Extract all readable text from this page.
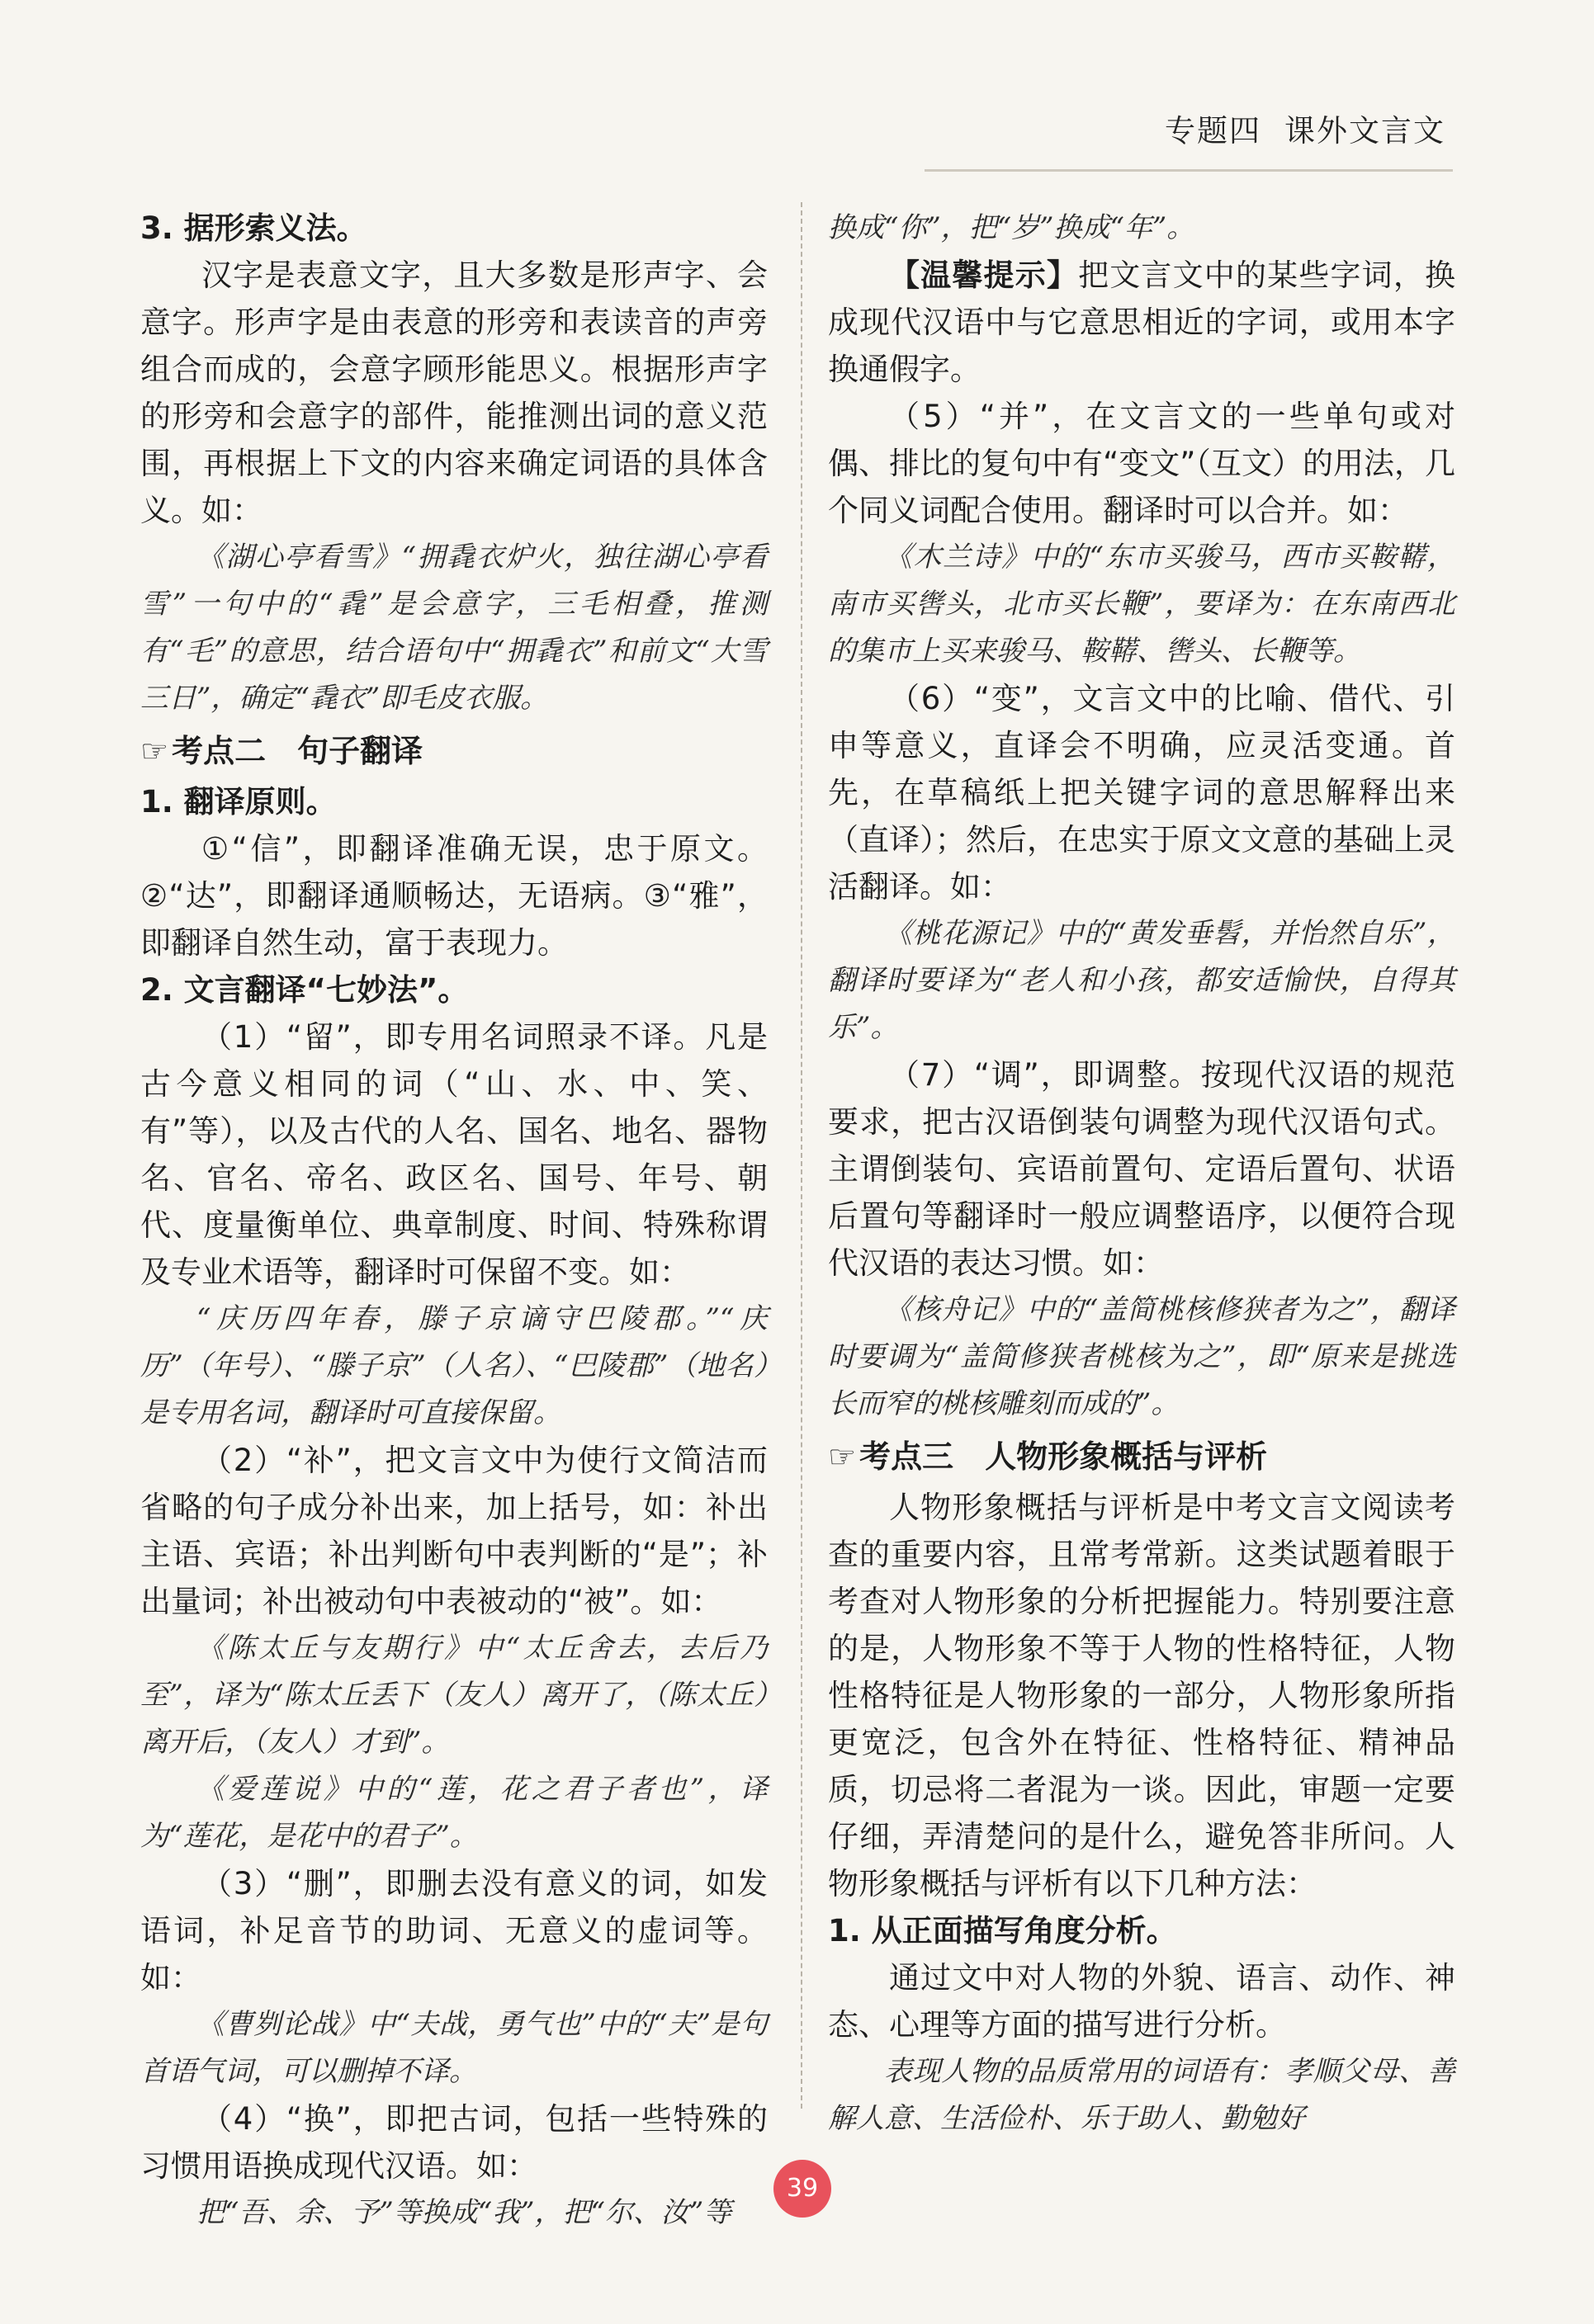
专题四 课外文言文

3. 据形索义法。

汉字是表意文字，且大多数是形声字、会意字。形声字是由表意的形旁和表读音的声旁组合而成的，会意字顾形能思义。根据形声字的形旁和会意字的部件，能推测出词的意义范围，再根据上下文的内容来确定词语的具体含义。如：

《湖心亭看雪》“拥毳衣炉火，独往湖心亭看雪”一句中的“毳”是会意字，三毛相叠，推测有“毛”的意思，结合语句中“拥毳衣”和前文“大雪三日”，确定“毳衣”即毛皮衣服。

☞ 考点二　句子翻译

1. 翻译原则。

①“信”，即翻译准确无误，忠于原文。②“达”，即翻译通顺畅达，无语病。③“雅”，即翻译自然生动，富于表现力。

2. 文言翻译“七妙法”。

（1）“留”，即专用名词照录不译。凡是古今意义相同的词（“山、水、中、笑、有”等），以及古代的人名、国名、地名、器物名、官名、帝名、政区名、国号、年号、朝代、度量衡单位、典章制度、时间、特殊称谓及专业术语等，翻译时可保留不变。如：

“庆历四年春，滕子京谪守巴陵郡。”“庆历”（年号）、“滕子京”（人名）、“巴陵郡”（地名）是专用名词，翻译时可直接保留。

（2）“补”，把文言文中为使行文简洁而省略的句子成分补出来，加上括号，如：补出主语、宾语；补出判断句中表判断的“是”；补出量词；补出被动句中表被动的“被”。如：

《陈太丘与友期行》中“太丘舍去，去后乃至”，译为“陈太丘丢下（友人）离开了，（陈太丘）离开后，（友人）才到”。

《爱莲说》中的“莲，花之君子者也”，译为“莲花，是花中的君子”。

（3）“删”，即删去没有意义的词，如发语词，补足音节的助词、无意义的虚词等。如：

《曹刿论战》中“夫战，勇气也”中的“夫”是句首语气词，可以删掉不译。

（4）“换”，即把古词，包括一些特殊的习惯用语换成现代汉语。如：

把“吾、余、予”等换成“我”，把“尔、汝”等

换成“你”，把“岁”换成“年”。

【温馨提示】把文言文中的某些字词，换成现代汉语中与它意思相近的字词，或用本字换通假字。

（5）“并”，在文言文的一些单句或对偶、排比的复句中有“变文”（互文）的用法，几个同义词配合使用。翻译时可以合并。如：

《木兰诗》中的“东市买骏马，西市买鞍鞯，南市买辔头，北市买长鞭”，要译为：在东南西北的集市上买来骏马、鞍鞯、辔头、长鞭等。

（6）“变”，文言文中的比喻、借代、引申等意义，直译会不明确，应灵活变通。首先，在草稿纸上把关键字词的意思解释出来（直译）；然后，在忠实于原文文意的基础上灵活翻译。如：

《桃花源记》中的“黄发垂髫，并怡然自乐”，翻译时要译为“老人和小孩，都安适愉快，自得其乐”。

（7）“调”，即调整。按现代汉语的规范要求，把古汉语倒装句调整为现代汉语句式。主谓倒装句、宾语前置句、定语后置句、状语后置句等翻译时一般应调整语序，以便符合现代汉语的表达习惯。如：

《核舟记》中的“盖简桃核修狭者为之”，翻译时要调为“盖简修狭者桃核为之”，即“原来是挑选长而窄的桃核雕刻而成的”。

☞ 考点三　人物形象概括与评析

人物形象概括与评析是中考文言文阅读考查的重要内容，且常考常新。这类试题着眼于考查对人物形象的分析把握能力。特别要注意的是，人物形象不等于人物的性格特征，人物性格特征是人物形象的一部分，人物形象所指更宽泛，包含外在特征、性格特征、精神品质，切忌将二者混为一谈。因此，审题一定要仔细，弄清楚问的是什么，避免答非所问。人物形象概括与评析有以下几种方法：

1. 从正面描写角度分析。

通过文中对人物的外貌、语言、动作、神态、心理等方面的描写进行分析。

表现人物的品质常用的词语有：孝顺父母、善解人意、生活俭朴、乐于助人、勤勉好

39
